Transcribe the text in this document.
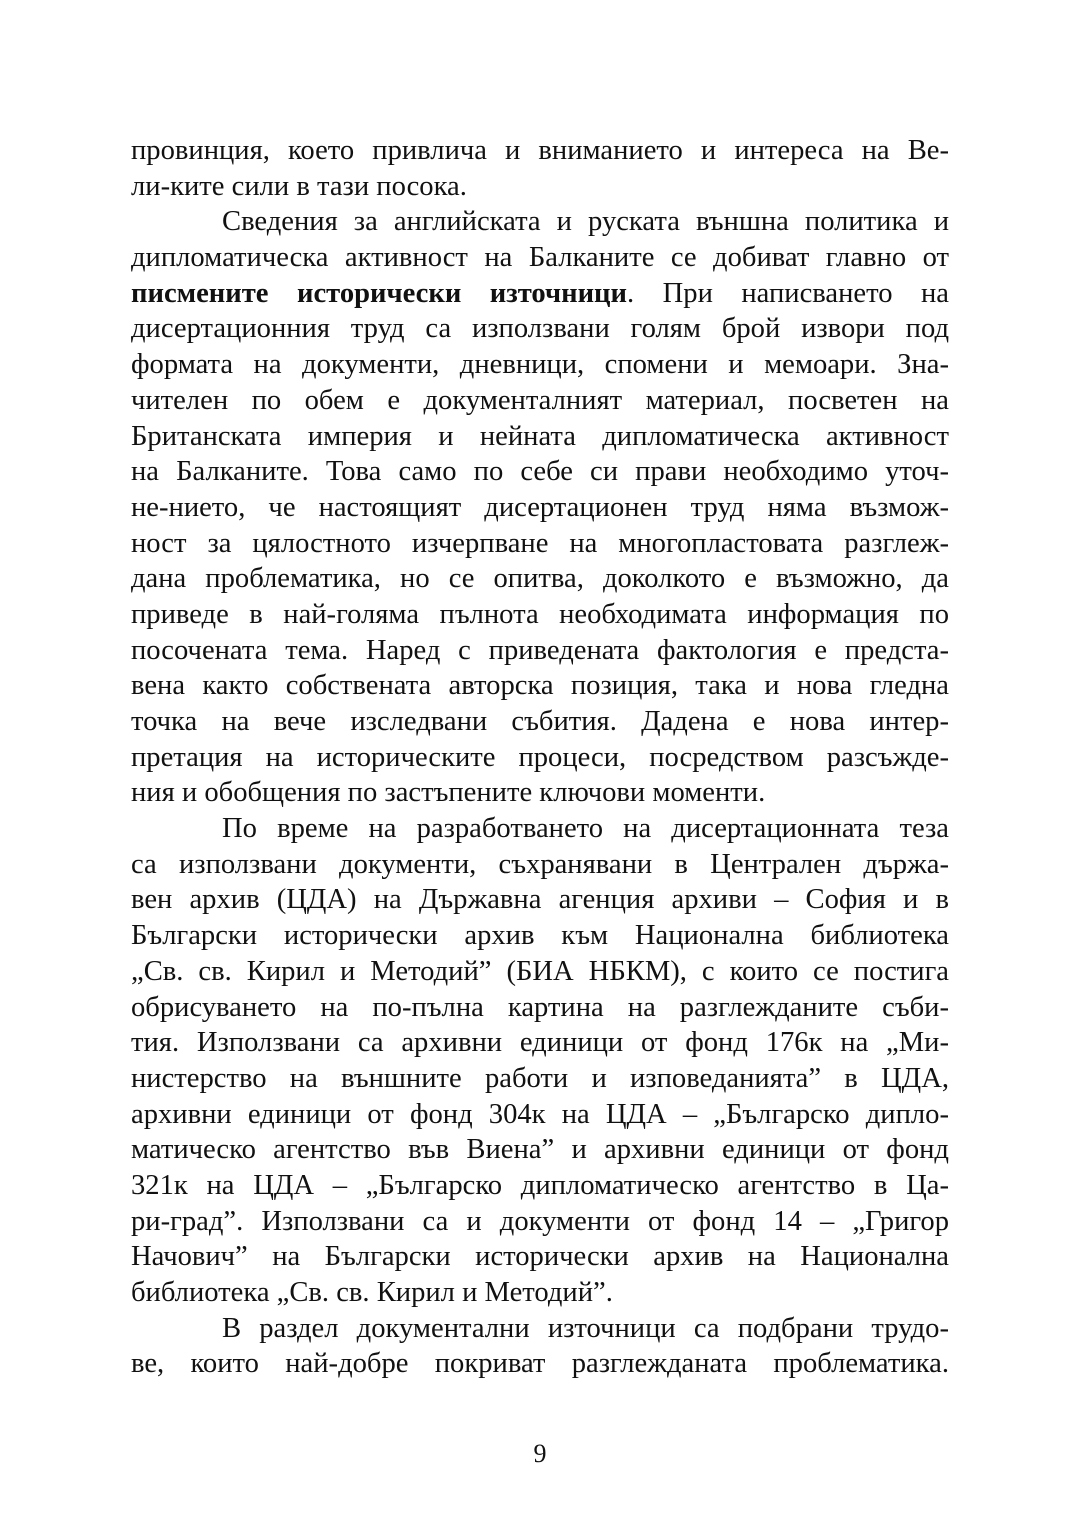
провинция, което привлича и вниманието и интереса на Ве-
ли-ките сили в тази посока.
Сведения за английската и руската външна политика и
дипломатическа активност на Балканите се добиват главно от
писмените исторически източници. При написването на
дисертационния труд са използвани голям брой извори под
формата на документи, дневници, спомени и мемоари. Зна-
чителен по обем е документалният материал, посветен на
Британската империя и нейната дипломатическа активност
на Балканите. Това само по себе си прави необходимо уточ-
не-нието, че настоящият дисертационен труд няма възмож-
ност за цялостното изчерпване на многопластовата разглеж-
дана проблематика, но се опитва, доколкото е възможно, да
приведе в най-голяма пълнота необходимата информация по
посочената тема. Наред с приведената фактология е предста-
вена както собствената авторска позиция, така и нова гледна
точка на вече изследвани събития. Дадена е нова интер-
претация на историческите процеси, посредством разсъжде-
ния и обобщения по застъпените ключови моменти.
По време на разработването на дисертационната теза
са използвани документи, съхранявани в Централен държа-
вен архив (ЦДА) на Държавна агенция архиви – София и в
Български исторически архив към Национална библиотека
„Св. св. Кирил и Методий” (БИА НБКМ), с които се постига
обрисуването на по-пълна картина на разглежданите съби-
тия. Използвани са архивни единици от фонд 176к на „Ми-
нистерство на външните работи и изповеданията” в ЦДА,
архивни единици от фонд 304к на ЦДА – „Българско дипло-
матическо агентство във Виена” и архивни единици от фонд
321к на ЦДА – „Българско дипломатическо агентство в Ца-
ри-град”. Използвани са и документи от фонд 14 – „Григор
Начович” на Български исторически архив на Национална
библиотека „Св. св. Кирил и Методий”.
В раздел документални източници са подбрани трудо-
ве, които най-добре покриват разглежданата проблематика.
9
